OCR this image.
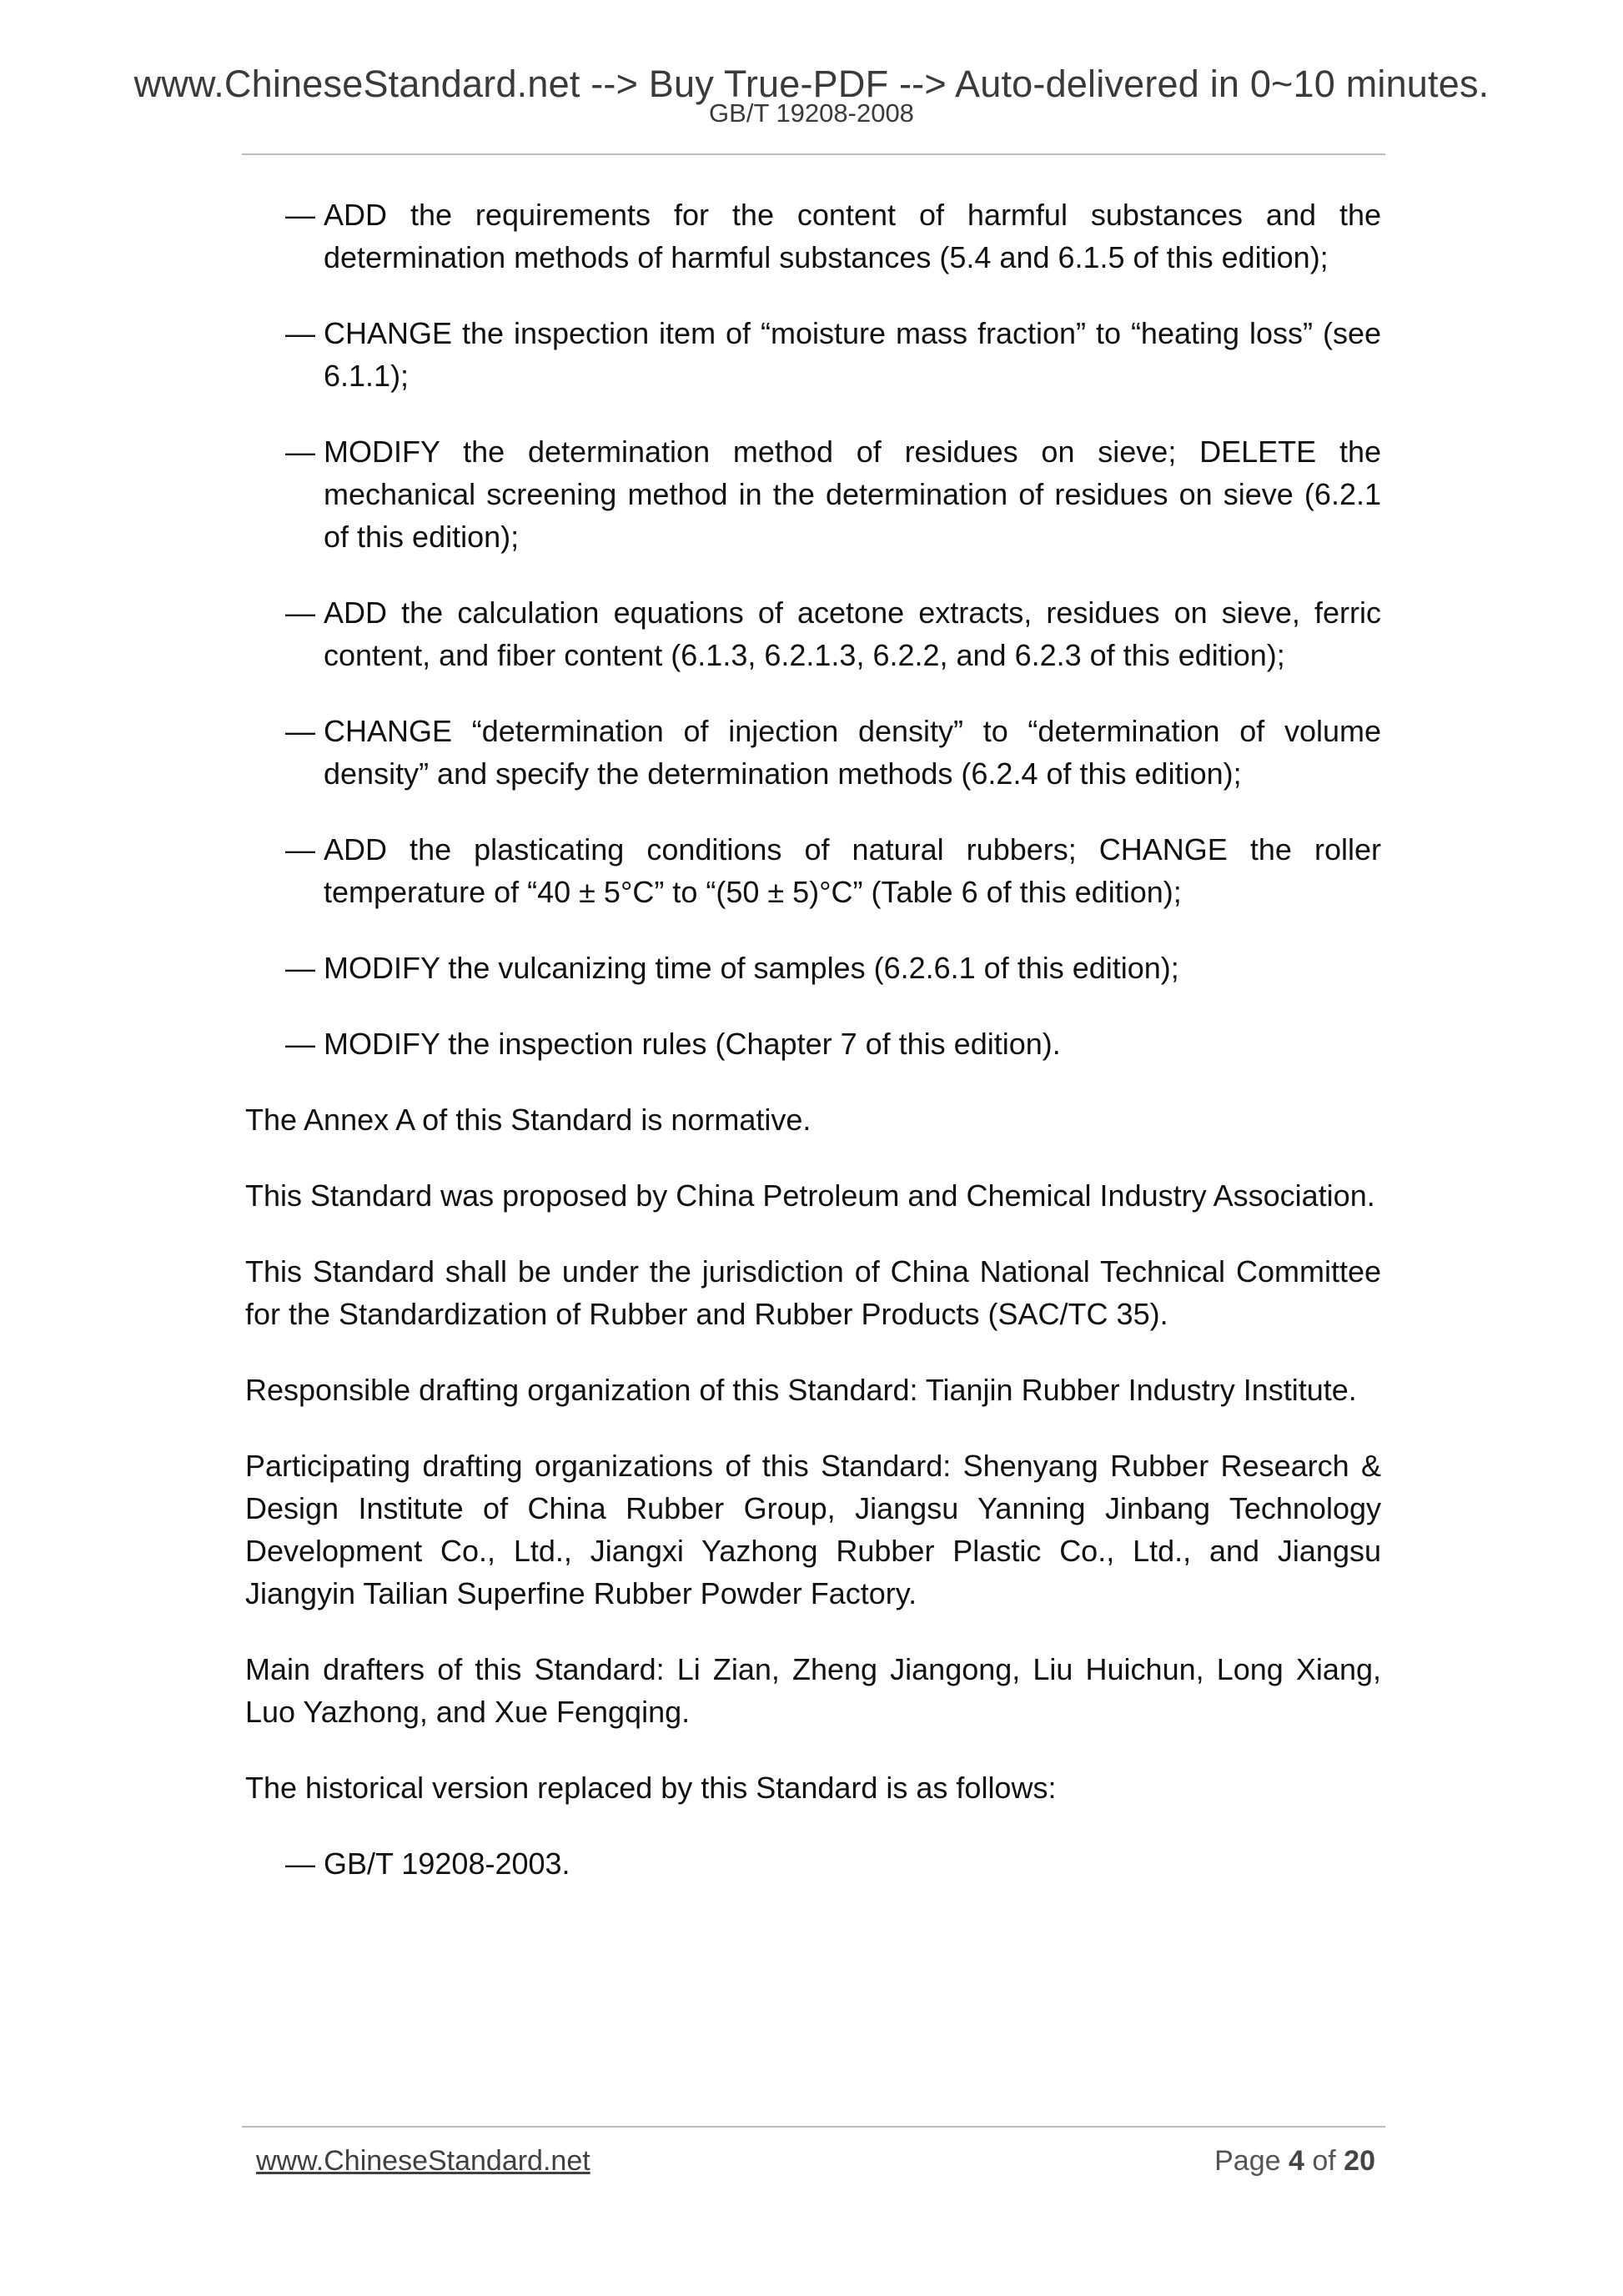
www.ChineseStandard.net --> Buy True-PDF --> Auto-delivered in 0~10 minutes.
GB/T 19208-2008
— ADD the requirements for the content of harmful substances and the determination methods of harmful substances (5.4 and 6.1.5 of this edition);
— CHANGE the inspection item of “moisture mass fraction” to “heating loss” (see 6.1.1);
— MODIFY the determination method of residues on sieve; DELETE the mechanical screening method in the determination of residues on sieve (6.2.1 of this edition);
— ADD the calculation equations of acetone extracts, residues on sieve, ferric content, and fiber content (6.1.3, 6.2.1.3, 6.2.2, and 6.2.3 of this edition);
— CHANGE “determination of injection density” to “determination of volume density” and specify the determination methods (6.2.4 of this edition);
— ADD the plasticating conditions of natural rubbers; CHANGE the roller temperature of “40 ± 5°C” to “(50 ± 5)°C” (Table 6 of this edition);
— MODIFY the vulcanizing time of samples (6.2.6.1 of this edition);
— MODIFY the inspection rules (Chapter 7 of this edition).

The Annex A of this Standard is normative.

This Standard was proposed by China Petroleum and Chemical Industry Association.

This Standard shall be under the jurisdiction of China National Technical Committee for the Standardization of Rubber and Rubber Products (SAC/TC 35).

Responsible drafting organization of this Standard: Tianjin Rubber Industry Institute.

Participating drafting organizations of this Standard: Shenyang Rubber Research & Design Institute of China Rubber Group, Jiangsu Yanning Jinbang Technology Development Co., Ltd., Jiangxi Yazhong Rubber Plastic Co., Ltd., and Jiangsu Jiangyin Tailian Superfine Rubber Powder Factory.

Main drafters of this Standard: Li Zian, Zheng Jiangong, Liu Huichun, Long Xiang, Luo Yazhong, and Xue Fengqing.

The historical version replaced by this Standard is as follows:

— GB/T 19208-2003.
www.ChineseStandard.net	Page 4 of 20
